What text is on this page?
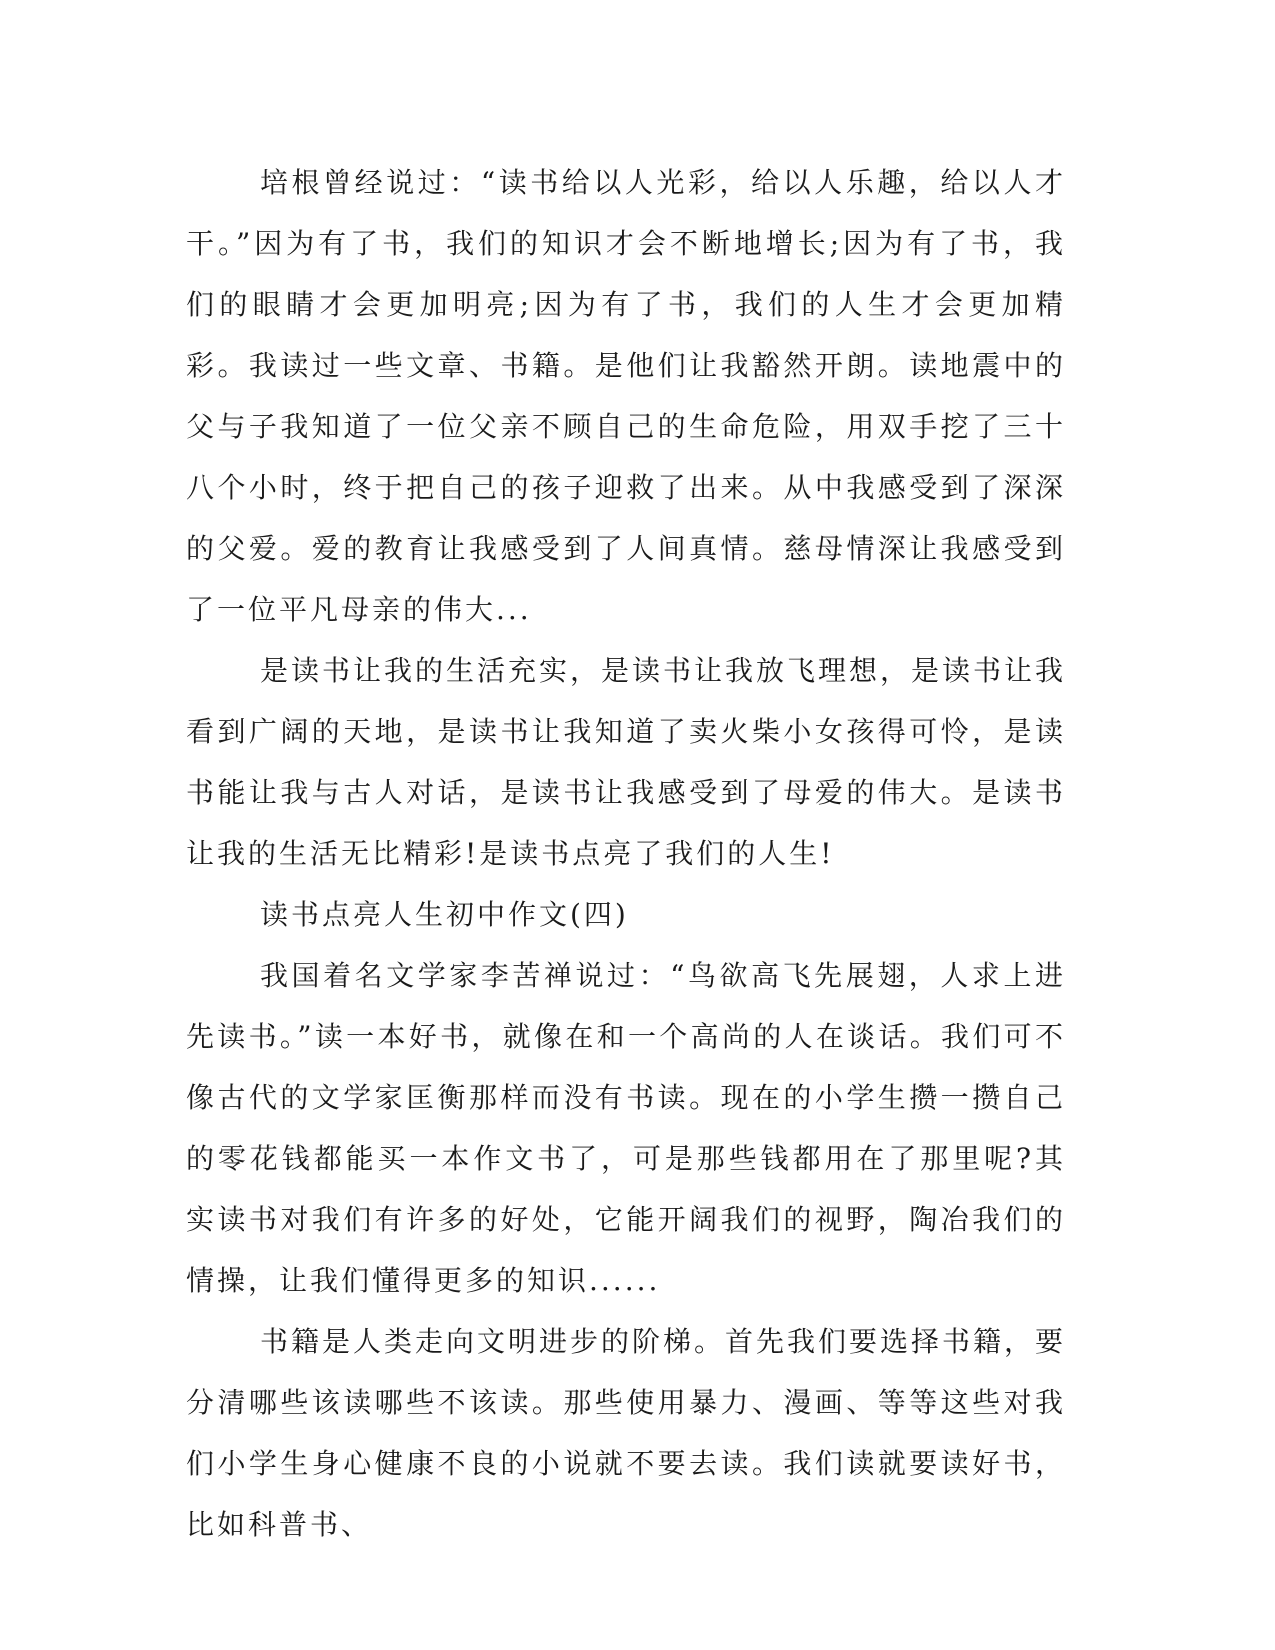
培根曾经说过：“读书给以人光彩，给以人乐趣，给以人才干。”因为有了书，我们的知识才会不断地增长;因为有了书，我们的眼睛才会更加明亮;因为有了书，我们的人生才会更加精彩。我读过一些文章、书籍。是他们让我豁然开朗。读地震中的父与子我知道了一位父亲不顾自己的生命危险，用双手挖了三十八个小时，终于把自己的孩子迎救了出来。从中我感受到了深深的父爱。爱的教育让我感受到了人间真情。慈母情深让我感受到了一位平凡母亲的伟大...

是读书让我的生活充实，是读书让我放飞理想，是读书让我看到广阔的天地，是读书让我知道了卖火柴小女孩得可怜，是读书能让我与古人对话，是读书让我感受到了母爱的伟大。是读书让我的生活无比精彩!是读书点亮了我们的人生!

读书点亮人生初中作文(四)

我国着名文学家李苦禅说过：“鸟欲高飞先展翅，人求上进先读书。”读一本好书，就像在和一个高尚的人在谈话。我们可不像古代的文学家匡衡那样而没有书读。现在的小学生攒一攒自己的零花钱都能买一本作文书了，可是那些钱都用在了那里呢?其实读书对我们有许多的好处，它能开阔我们的视野，陶冶我们的情操，让我们懂得更多的知识......

书籍是人类走向文明进步的阶梯。首先我们要选择书籍，要分清哪些该读哪些不该读。那些使用暴力、漫画、等等这些对我们小学生身心健康不良的小说就不要去读。我们读就要读好书，比如科普书、
